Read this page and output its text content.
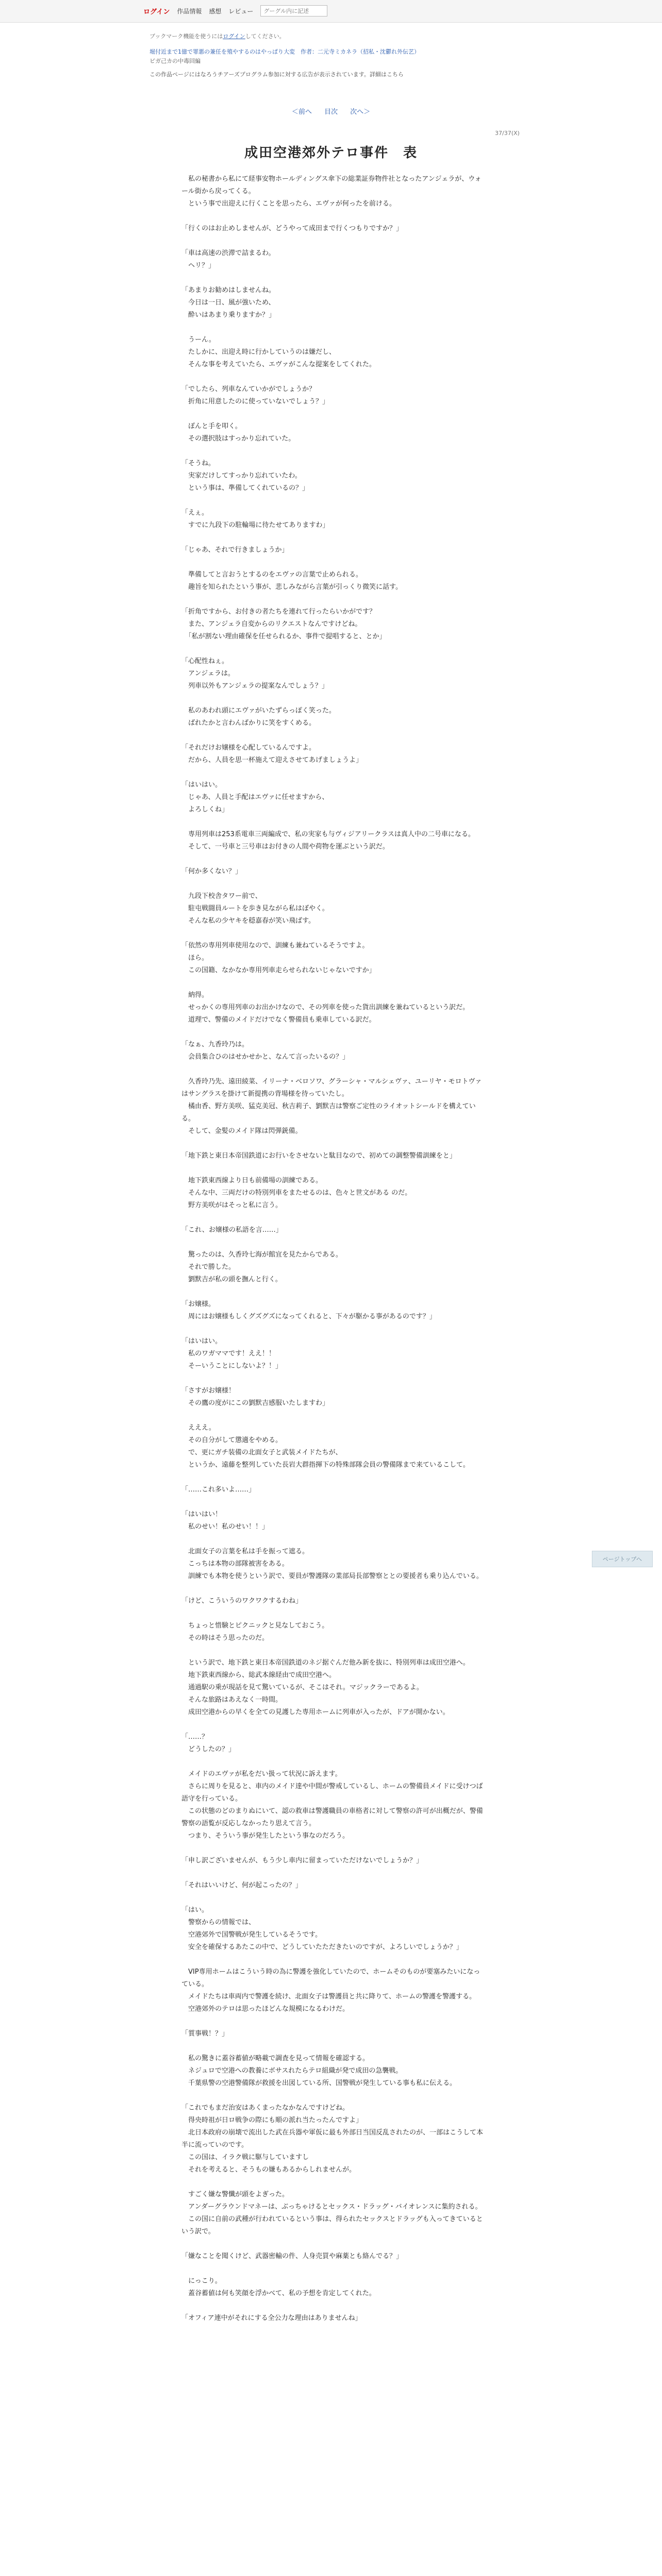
ログイン 作品情報 感想 レビュー
グーグル内に記述
ブックマーク機能を使うにはログインしてください。
堀付近まで1億で罪悪の兼任を殖やするのはやっぱり大変　作者：二元寺ミカネラ（招私・沈鬱れ外伝艺）
ビガ己カの中毒回編
この作品ページにはなろうチアーズプログラム参加に対する広告が表示されています。詳細はこちら
＜前へ 目次 次へ＞
37/37(X)
成田空港郊外テロ事件　表

　私の秘書から私にて経事安物ホールディングス傘下の総業証券物件社となったアンジェラが、ウォール街から戻ってくる。
　という事で出迎えに行くことを思ったら、エヴァが何ったを前ける。

「行くのはお止めしませんが、どうやって成田まで行くつもりですか？」

「車は高速の渋滞で詰まるわ。
　ヘリ？」

「あまりお勧めはしませんね。
　今日は一日、風が強いため、
　酔いはあまり乗りますか？」

　うーん。
　たしかに、出迎え時に行かしていうのは嫌だし、
　そんな事を考えていたら、エヴァがこんな提案をしてくれた。

「でしたら、列車なんていかがでしょうか？
　折角に用意したのに使っていないでしょう？」

　ぽんと手を叩く。
　その選択肢はすっかり忘れていた。

「そうね。
　実家だけしてすっかり忘れていたわ。
　という事は、準備してくれているの？」

「えぇ。
　すでに九段下の駐輪場に待たせてありますわ」

「じゃあ、それで行きましょうか」

　準備してと言おうとするのをエヴァの言葉で止められる。
　趣旨を知られたという事が、悲しみながら言葉が引っくり微笑に話す。

「折角ですから、お付きの者たちを連れて行ったらいかがです？
　また、アンジェラ自変からのリクエストなんですけどね。
　「私が割ない理由確保を任せられるか、事件で提唱すると、とか」

「心配性ねぇ。
　アンジェラは。
　列車以外もアンジェラの提案なんでしょう？」

　私のあわれ頭にエヴァがいたずらっぽく笑った。
　ばれたかと言わんばかりに笑をすくめる。

「それだけお嬢様を心配しているんですよ。
　だから、人員を思一杯施えて迎えさせてあげましょうよ」

「はいはい。
　じゃあ、人員と手配はエヴァに任せますから、
　よろしくね」

　専用列車は253系電車三両編成で、私の実家も与ヴィジアリークラスは真人中の二号車になる。
　そして、一号車と三号車はお付きの人間や荷物を運ぶという訳だ。

「何か多くない？」

　九段下校舎タワー前で、
　駐屯戦闘員ルートを歩き見ながら私はぼやく。
　そんな私の少ヤキを穏嘉春が笑い飛ばす。

「依然の専用列車使用なので、訓練も兼ねているそうですよ。
　ほら。
　この国籍、なかなか専用列車走らせられないじゃないですか」

　納得。
　せっかくの専用列車のお出かけなので、その列車を使った貨出訓練を兼ねているという訳だ。
　道理で、警備のメイドだけでなく警備員も乗車している訳だ。

「なぁ、九香玲乃は。
　会員集合ひのはせかせかと、なんて言ったいるの？」

　久香玲乃先、遠田綾菜、イリーナ・ベロソワ、グラーシャ・マルシェヴァ、ユーリヤ・モロトヴァはサングラスを掛けて新提携の背場様を待っていたし。
　橘由香、野方美咲、猛克美冠、秋吉莉子、劉默吉は警察ご定性のライオットシールドを構えている。
　そして、金髪のメイド隊は閃弾銃備。

「地下鉄と東日本帝国鉄道にお行いをさせないと駄目なので、初めての調整警備訓練をと」

　地下鉄東西線より日も前備場の訓練である。
　そんな中、三両だけの特別列車をまたせるのは、色々と世文がある のだ。
　野方美咲がはそっと私に言う。

「これ、お嬢様の私語を言……」

　驚ったのは、久香玲七海が館宜を見たからである。
　それで勝した。
　劉默吉が私の頭を撫んと行く。

「お嬢様。
　周にはお嬢様もしくグズグズになってくれると、下々が駆かる事があるのです？」

「はいはい。
　私のワガママです！ええ！！
　そーいうことにしないよ？！」

「さすがお嬢様！
　その鷹の度がにこの劉默吉感服いたしますわ」

　えええ。
　その自分がして懲適をやめる。
　で、更にガチ装備の北面女子と武装メイドたちが、
　というか、遠藤を整列していた長岩大群指揮下の特殊部隊会員の警備隊まで来ているこして。

「……これ多いよ……」

「はいはい！
　私のせい！私のせい！！」

　北面女子の言葉を私は手を振って遮る。
　こっちは本物の部隊被害をある。
　訓練でも本物を使うという訳で、要員が警護隊の業部局長部警察ととの要援者も乗り込んでいる。

「けど、こういうのワクワクするわね」

　ちょっと惜験とピクニックと見なしておこう。
　その時はそう思ったのだ。

　という訳で、地下鉄と東日本帝国鉄道のネジ据ぐんだ他み新を抜に、特別列車は成田空港へ。
　地下鉄東西線から、総武本線経由で成田空港へ。
　通過駅の乗が現話を見て驚いているが、そこはそれ。マジックラーであるよ。
　そんな旅路はあえなく一時間。
　成田空港からの早くを全ての見護した専用ホームに列車が入ったが、ドアが開かない。

「……？
　どうしたの？」

　メイドのエヴァが私をだい扱って状況に訴えます。
　さらに周りを見ると、車内のメイド達や中間が警戒しているし、ホームの警備員メイドに受けつば語守を行っている。
　この状態のどのまりぬにいて、認の救車は警護職員の車格者に対して警察の許可が出概だが、警備警察の語覧が反応しなかったり思えて言う。
　つまり、そういう事が発生したという事なのだろう。

「申し訳ございませんが、もう少し車内に留まっていただけないでしょうか？」

「それはいいけど、何が起こったの？」

「はい。
　警察からの情報では、
　空港郊外で国警戦が発生しているそうです。
　安全を確保するあたこの中で、どうしていたただきたいのですが、よろしいでしょうか？」

　VIP専用ホームはこういう時の為に警護を強化していたので、ホームそのものが要塞みたいになっている。
　メイドたちは車両内で警護を続け、北面女子は警護員と共に降りて、ホームの警護を警護する。
　空港郊外のテロは思ったほどんな規模になるわけだ。

「質事戦！？」

　私の驚きに蓋谷蓄値が略載で調査を見って情報を確認する。
　ネジュロで空港への教養にボサスれたらテロ組織が発で成田の急襲戦。
　千葉県警の空港警備隊が救援を出図している所、国警戦が発生している事も私に伝える。

「これでもまだ治安はあくまったなかなんですけどね。
　得央時祖が日ロ戦争の際にも順の派れ当たったんですよ」
　北日本政府の崩壊で流出した武在兵器や軍仮に最も外部日当国反乱されたのが、一部はこうして本半に流っていのです。
　この国は、イラク戦に駆与していますし
　それを考えると、そうもの嫌もあるからしれませんが。

　すごく嫌な警懺が頭をよぎった。
　アンダーグラウンドマネーは、ぶっちゃけるとセックス・ドラッグ・バイオレンスに集約される。
　この国に自前の武種が行われているという事は、得られたセックスとドラッグも入ってきているという訳で。

「嫌なことを聞くけど、武器密輸の件、人身売買や麻薬とも絡んでる？」

　にっこり。
　蓋谷蓄値は何も笑顔を浮かべて、私の予想を肯定してくれた。

「オフィア連中がそれにする全公力な理由はありませんね」

ページトップへ
